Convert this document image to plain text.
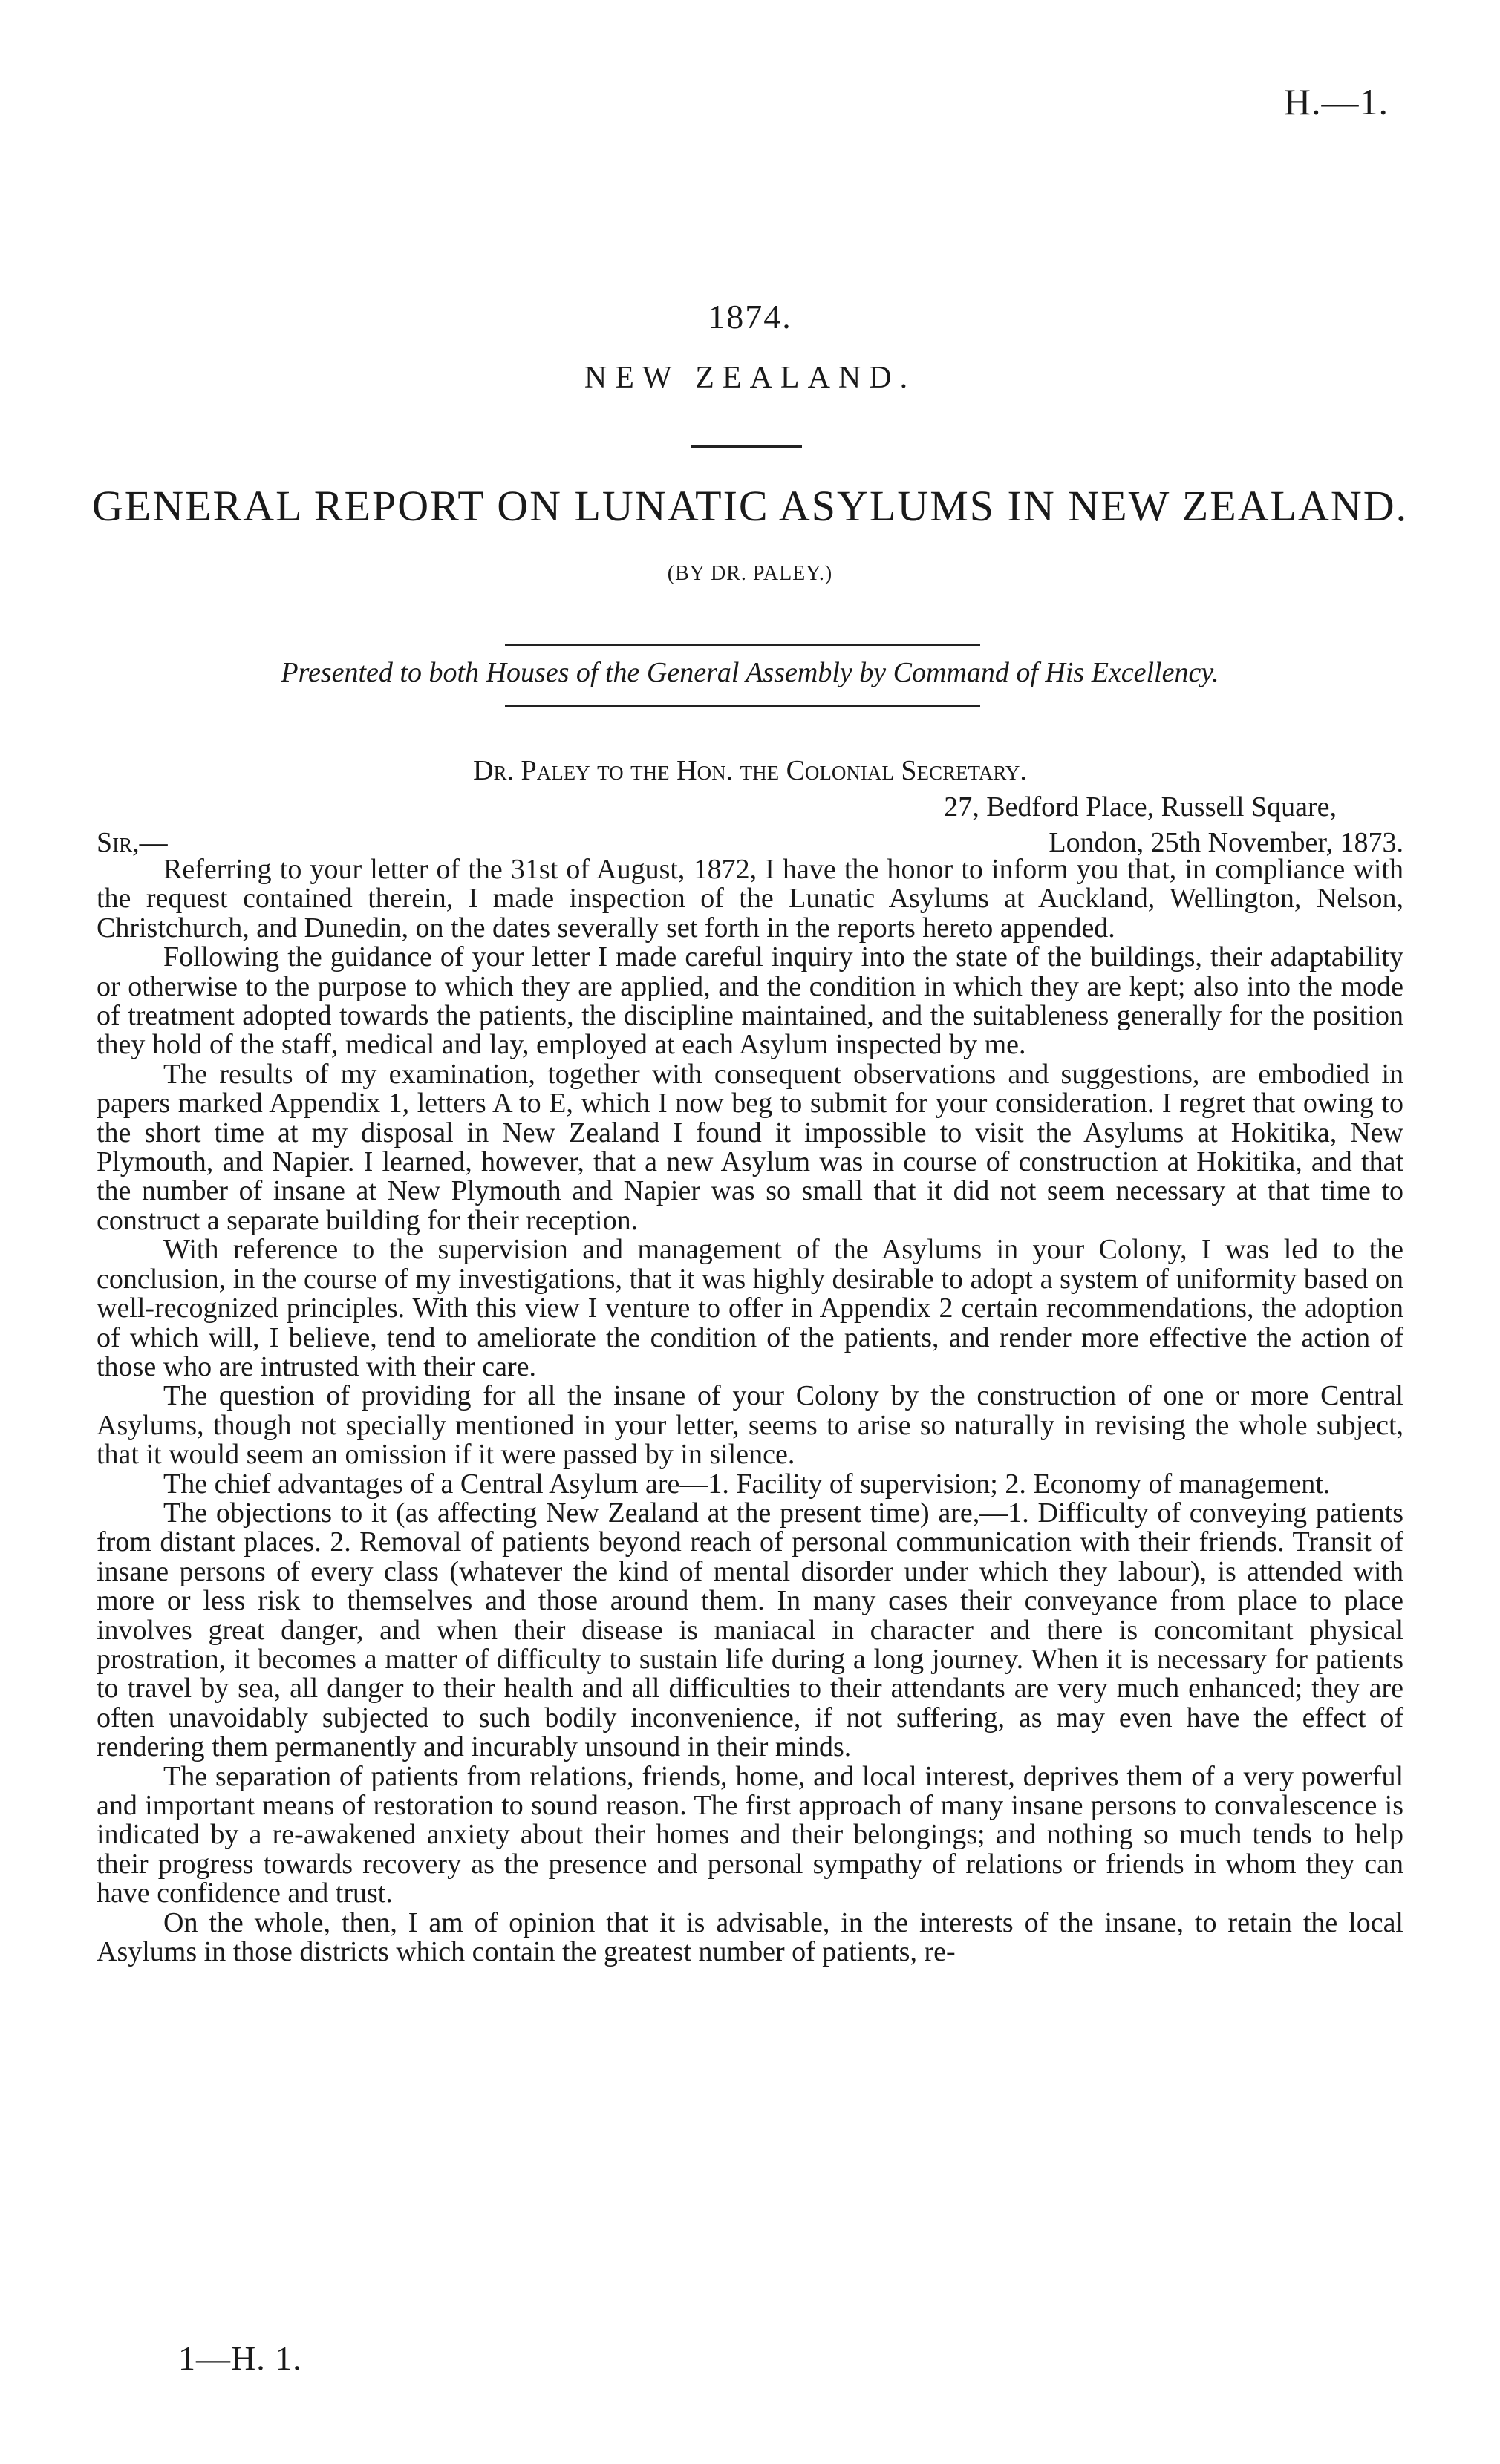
H.—1.
1874.
NEW ZEALAND.
GENERAL REPORT ON LUNATIC ASYLUMS IN NEW ZEALAND.
(BY DR. PALEY.)
Presented to both Houses of the General Assembly by Command of His Excellency.
Dr. Paley to the Hon. the Colonial Secretary.
27, Bedford Place, Russell Square,
London, 25th November, 1873.
Sir,—

Referring to your letter of the 31st of August, 1872, I have the honor to inform you that, in compliance with the request contained therein, I made inspection of the Lunatic Asylums at Auckland, Wellington, Nelson, Christchurch, and Dunedin, on the dates severally set forth in the reports hereto appended.

Following the guidance of your letter I made careful inquiry into the state of the buildings, their adaptability or otherwise to the purpose to which they are applied, and the condition in which they are kept; also into the mode of treatment adopted towards the patients, the discipline maintained, and the suitableness generally for the position they hold of the staff, medical and lay, employed at each Asylum inspected by me.

The results of my examination, together with consequent observations and suggestions, are embodied in papers marked Appendix 1, letters A to E, which I now beg to submit for your consideration. I regret that owing to the short time at my disposal in New Zealand I found it impossible to visit the Asylums at Hokitika, New Plymouth, and Napier. I learned, however, that a new Asylum was in course of construction at Hokitika, and that the number of insane at New Plymouth and Napier was so small that it did not seem necessary at that time to construct a separate building for their reception.

With reference to the supervision and management of the Asylums in your Colony, I was led to the conclusion, in the course of my investigations, that it was highly desirable to adopt a system of uniformity based on well-recognized principles. With this view I venture to offer in Appendix 2 certain recommendations, the adoption of which will, I believe, tend to ameliorate the condition of the patients, and render more effective the action of those who are intrusted with their care.

The question of providing for all the insane of your Colony by the construction of one or more Central Asylums, though not specially mentioned in your letter, seems to arise so naturally in revising the whole subject, that it would seem an omission if it were passed by in silence.

The chief advantages of a Central Asylum are—1. Facility of supervision; 2. Economy of management.

The objections to it (as affecting New Zealand at the present time) are,—1. Difficulty of conveying patients from distant places. 2. Removal of patients beyond reach of personal communication with their friends. Transit of insane persons of every class (whatever the kind of mental disorder under which they labour), is attended with more or less risk to themselves and those around them. In many cases their conveyance from place to place involves great danger, and when their disease is maniacal in character and there is concomitant physical prostration, it becomes a matter of difficulty to sustain life during a long journey. When it is necessary for patients to travel by sea, all danger to their health and all difficulties to their attendants are very much enhanced; they are often unavoidably subjected to such bodily inconvenience, if not suffering, as may even have the effect of rendering them permanently and incurably unsound in their minds.

The separation of patients from relations, friends, home, and local interest, deprives them of a very powerful and important means of restoration to sound reason. The first approach of many insane persons to convalescence is indicated by a re-awakened anxiety about their homes and their belongings; and nothing so much tends to help their progress towards recovery as the presence and personal sympathy of relations or friends in whom they can have confidence and trust.

On the whole, then, I am of opinion that it is advisable, in the interests of the insane, to retain the local Asylums in those districts which contain the greatest number of patients, re-

1—H. 1.
